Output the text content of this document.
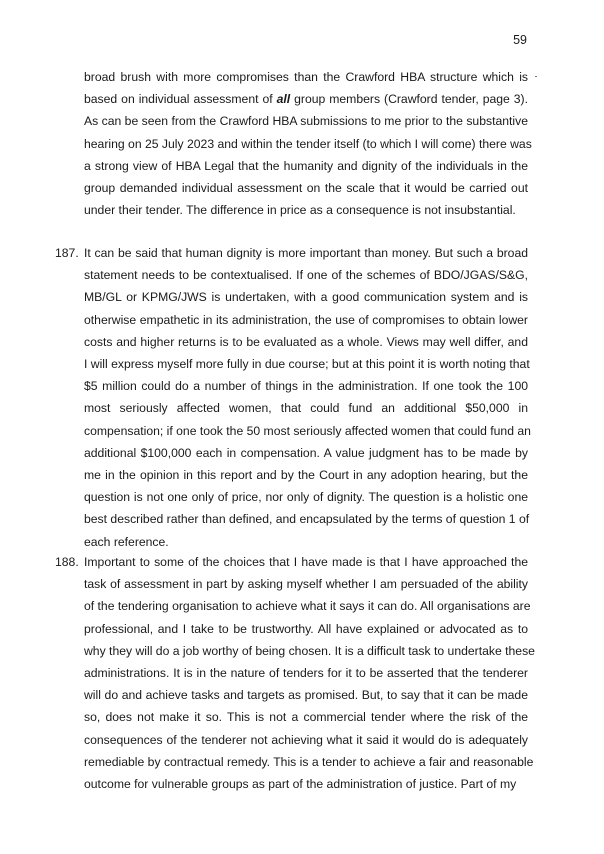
59
broad brush with more compromises than the Crawford HBA structure which is
based on individual assessment of all group members (Crawford tender, page 3).
As can be seen from the Crawford HBA submissions to me prior to the substantive
hearing on 25 July 2023 and within the tender itself (to which I will come) there was
a strong view of HBA Legal that the humanity and dignity of the individuals in the
group demanded individual assessment on the scale that it would be carried out
under their tender. The difference in price as a consequence is not insubstantial.
187. It can be said that human dignity is more important than money. But such a broad
statement needs to be contextualised. If one of the schemes of BDO/JGAS/S&G,
MB/GL or KPMG/JWS is undertaken, with a good communication system and is
otherwise empathetic in its administration, the use of compromises to obtain lower
costs and higher returns is to be evaluated as a whole. Views may well differ, and
I will express myself more fully in due course; but at this point it is worth noting that
$5 million could do a number of things in the administration. If one took the 100
most seriously affected women, that could fund an additional $50,000 in
compensation; if one took the 50 most seriously affected women that could fund an
additional $100,000 each in compensation. A value judgment has to be made by
me in the opinion in this report and by the Court in any adoption hearing, but the
question is not one only of price, nor only of dignity. The question is a holistic one
best described rather than defined, and encapsulated by the terms of question 1 of
each reference.
188. Important to some of the choices that I have made is that I have approached the
task of assessment in part by asking myself whether I am persuaded of the ability
of the tendering organisation to achieve what it says it can do. All organisations are
professional, and I take to be trustworthy. All have explained or advocated as to
why they will do a job worthy of being chosen. It is a difficult task to undertake these
administrations. It is in the nature of tenders for it to be asserted that the tenderer
will do and achieve tasks and targets as promised. But, to say that it can be made
so, does not make it so. This is not a commercial tender where the risk of the
consequences of the tenderer not achieving what it said it would do is adequately
remediable by contractual remedy. This is a tender to achieve a fair and reasonable
outcome for vulnerable groups as part of the administration of justice. Part of my
